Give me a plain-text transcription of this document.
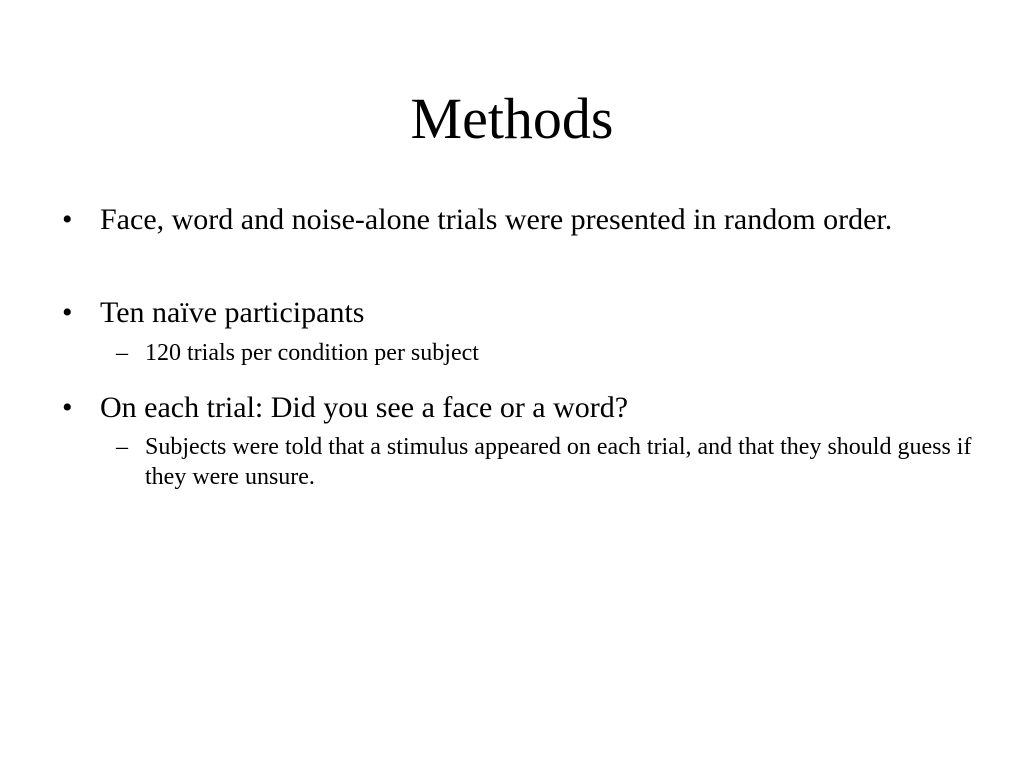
Methods
• Face, word and noise-alone trials were presented in random order.
• Ten naïve participants
– 120 trials per condition per subject
• On each trial: Did you see a face or a word?
– Subjects were told that a stimulus appeared on each trial, and that they should guess if they were unsure.
